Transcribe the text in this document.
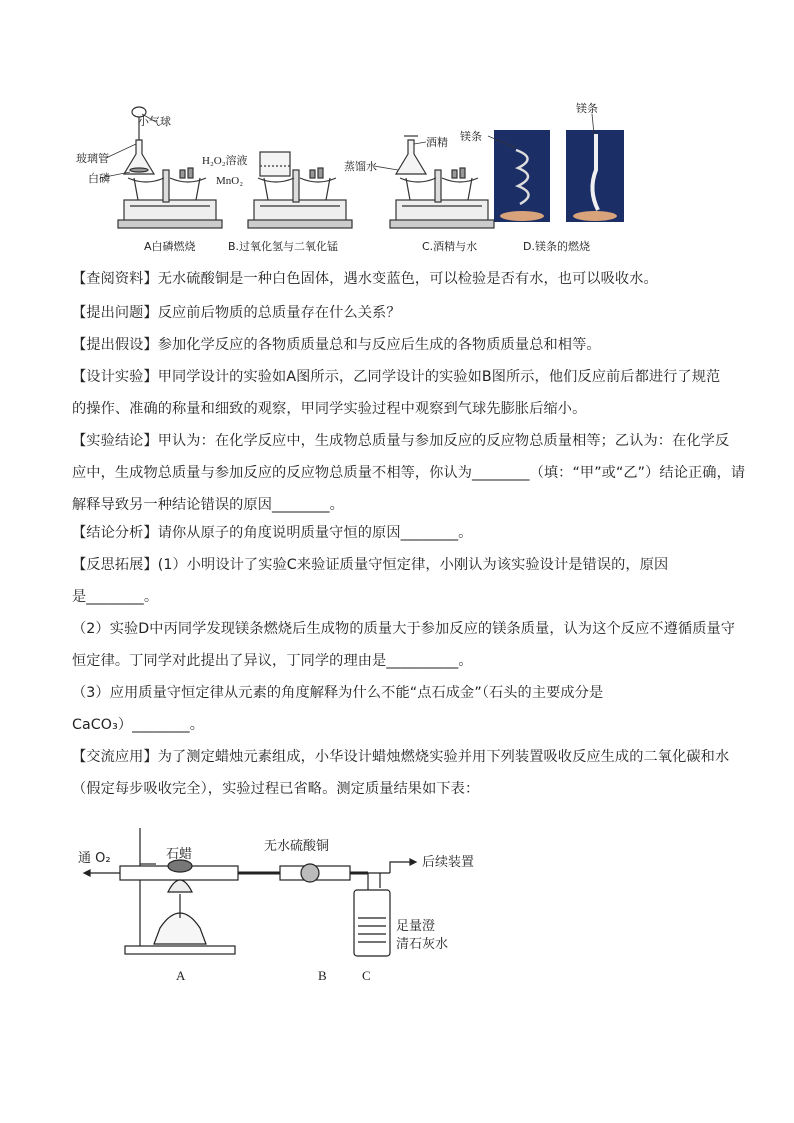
小气球
玻璃管
白磷
H₂O₂溶液
MnO₂
酒精
蒸馏水
镁条
镁条
A白磷燃烧	B.过氧化氢与二氧化锰	C.酒精与水	D.镁条的燃烧
【查阅资料】无水硫酸铜是一种白色固体，遇水变蓝色，可以检验是否有水，也可以吸收水。
【提出问题】反应前后物质的总质量存在什么关系？
【提出假设】参加化学反应的各物质质量总和与反应后生成的各物质质量总和相等。
【设计实验】甲同学设计的实验如A图所示，乙同学设计的实验如B图所示，他们反应前后都进行了规范
的操作、准确的称量和细致的观察，甲同学实验过程中观察到气球先膨胀后缩小。
【实验结论】甲认为：在化学反应中，生成物总质量与参加反应的反应物总质量相等；乙认为：在化学反
应中，生成物总质量与参加反应的反应物总质量不相等，你认为________（填：“甲”或“乙”）结论正确，请
解释导致另一种结论错误的原因________。
【结论分析】请你从原子的角度说明质量守恒的原因________。
【反思拓展】(1）小明设计了实验C来验证质量守恒定律，小刚认为该实验设计是错误的，原因
是________。
（2）实验D中丙同学发现镁条燃烧后生成物的质量大于参加反应的镁条质量，认为这个反应不遵循质量守
恒定律。丁同学对此提出了异议，丁同学的理由是__________。
（3）应用质量守恒定律从元素的角度解释为什么不能“点石成金”（石头的主要成分是
CaCO₃）________。
【交流应用】为了测定蜡烛元素组成，小华设计蜡烛燃烧实验并用下列装置吸收反应生成的二氧化碳和水
（假定每步吸收完全），实验过程已省略。测定质量结果如下表：
通 O₂	石蜡
无水硫酸铜
后续装置
足量澄
清石灰水
A	B	C
